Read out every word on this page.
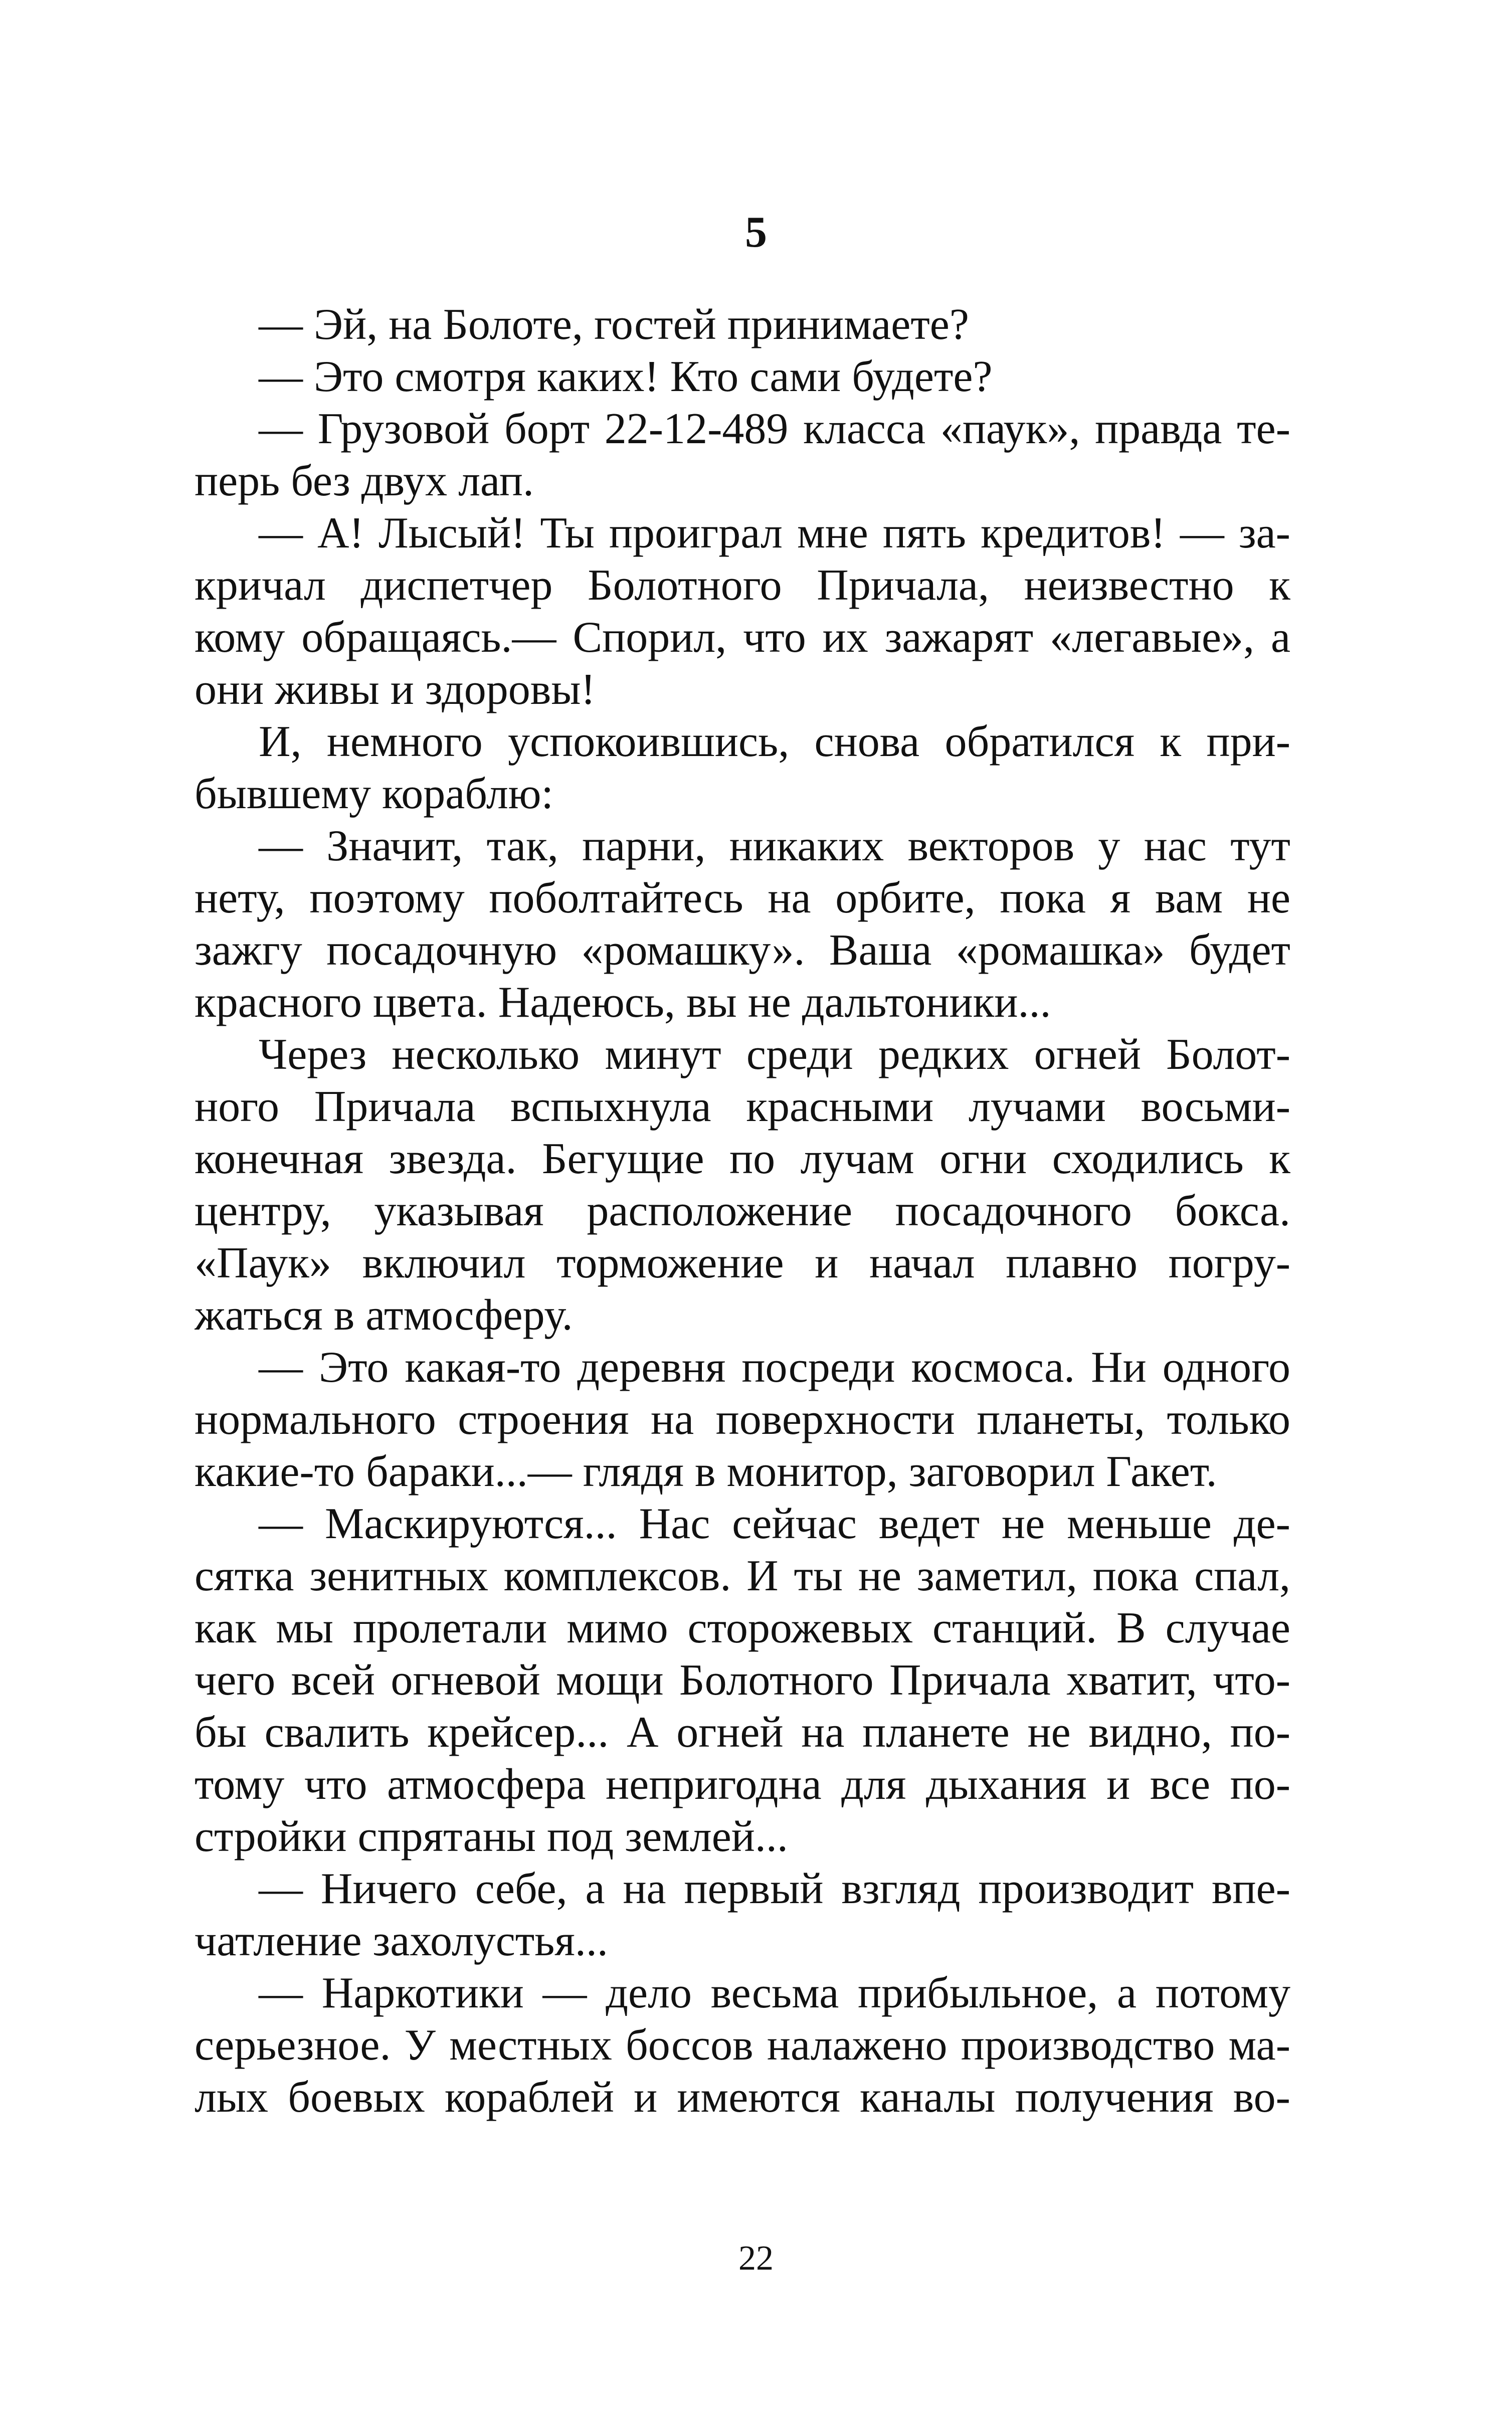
5
— Эй, на Болоте, гостей принимаете?
— Это смотря каких! Кто сами будете?
— Грузовой борт 22-12-489 класса «паук», правда те-
перь без двух лап.
— А! Лысый! Ты проиграл мне пять кредитов! — за-
кричал диспетчер Болотного Причала, неизвестно к
кому обращаясь.— Спорил, что их зажарят «легавые», а
они живы и здоровы!
И, немного успокоившись, снова обратился к при-
бывшему кораблю:
— Значит, так, парни, никаких векторов у нас тут
нету, поэтому поболтайтесь на орбите, пока я вам не
зажгу посадочную «ромашку». Ваша «ромашка» будет
красного цвета. Надеюсь, вы не дальтоники...
Через несколько минут среди редких огней Болот-
ного Причала вспыхнула красными лучами восьми-
конечная звезда. Бегущие по лучам огни сходились к
центру, указывая расположение посадочного бокса.
«Паук» включил торможение и начал плавно погру-
жаться в атмосферу.
— Это какая-то деревня посреди космоса. Ни одного
нормального строения на поверхности планеты, только
какие-то бараки...— глядя в монитор, заговорил Гакет.
— Маскируются... Нас сейчас ведет не меньше де-
сятка зенитных комплексов. И ты не заметил, пока спал,
как мы пролетали мимо сторожевых станций. В случае
чего всей огневой мощи Болотного Причала хватит, что-
бы свалить крейсер... А огней на планете не видно, по-
тому что атмосфера непригодна для дыхания и все по-
стройки спрятаны под землей...
— Ничего себе, а на первый взгляд производит впе-
чатление захолустья...
— Наркотики — дело весьма прибыльное, а потому
серьезное. У местных боссов налажено производство ма-
лых боевых кораблей и имеются каналы получения во-
22
